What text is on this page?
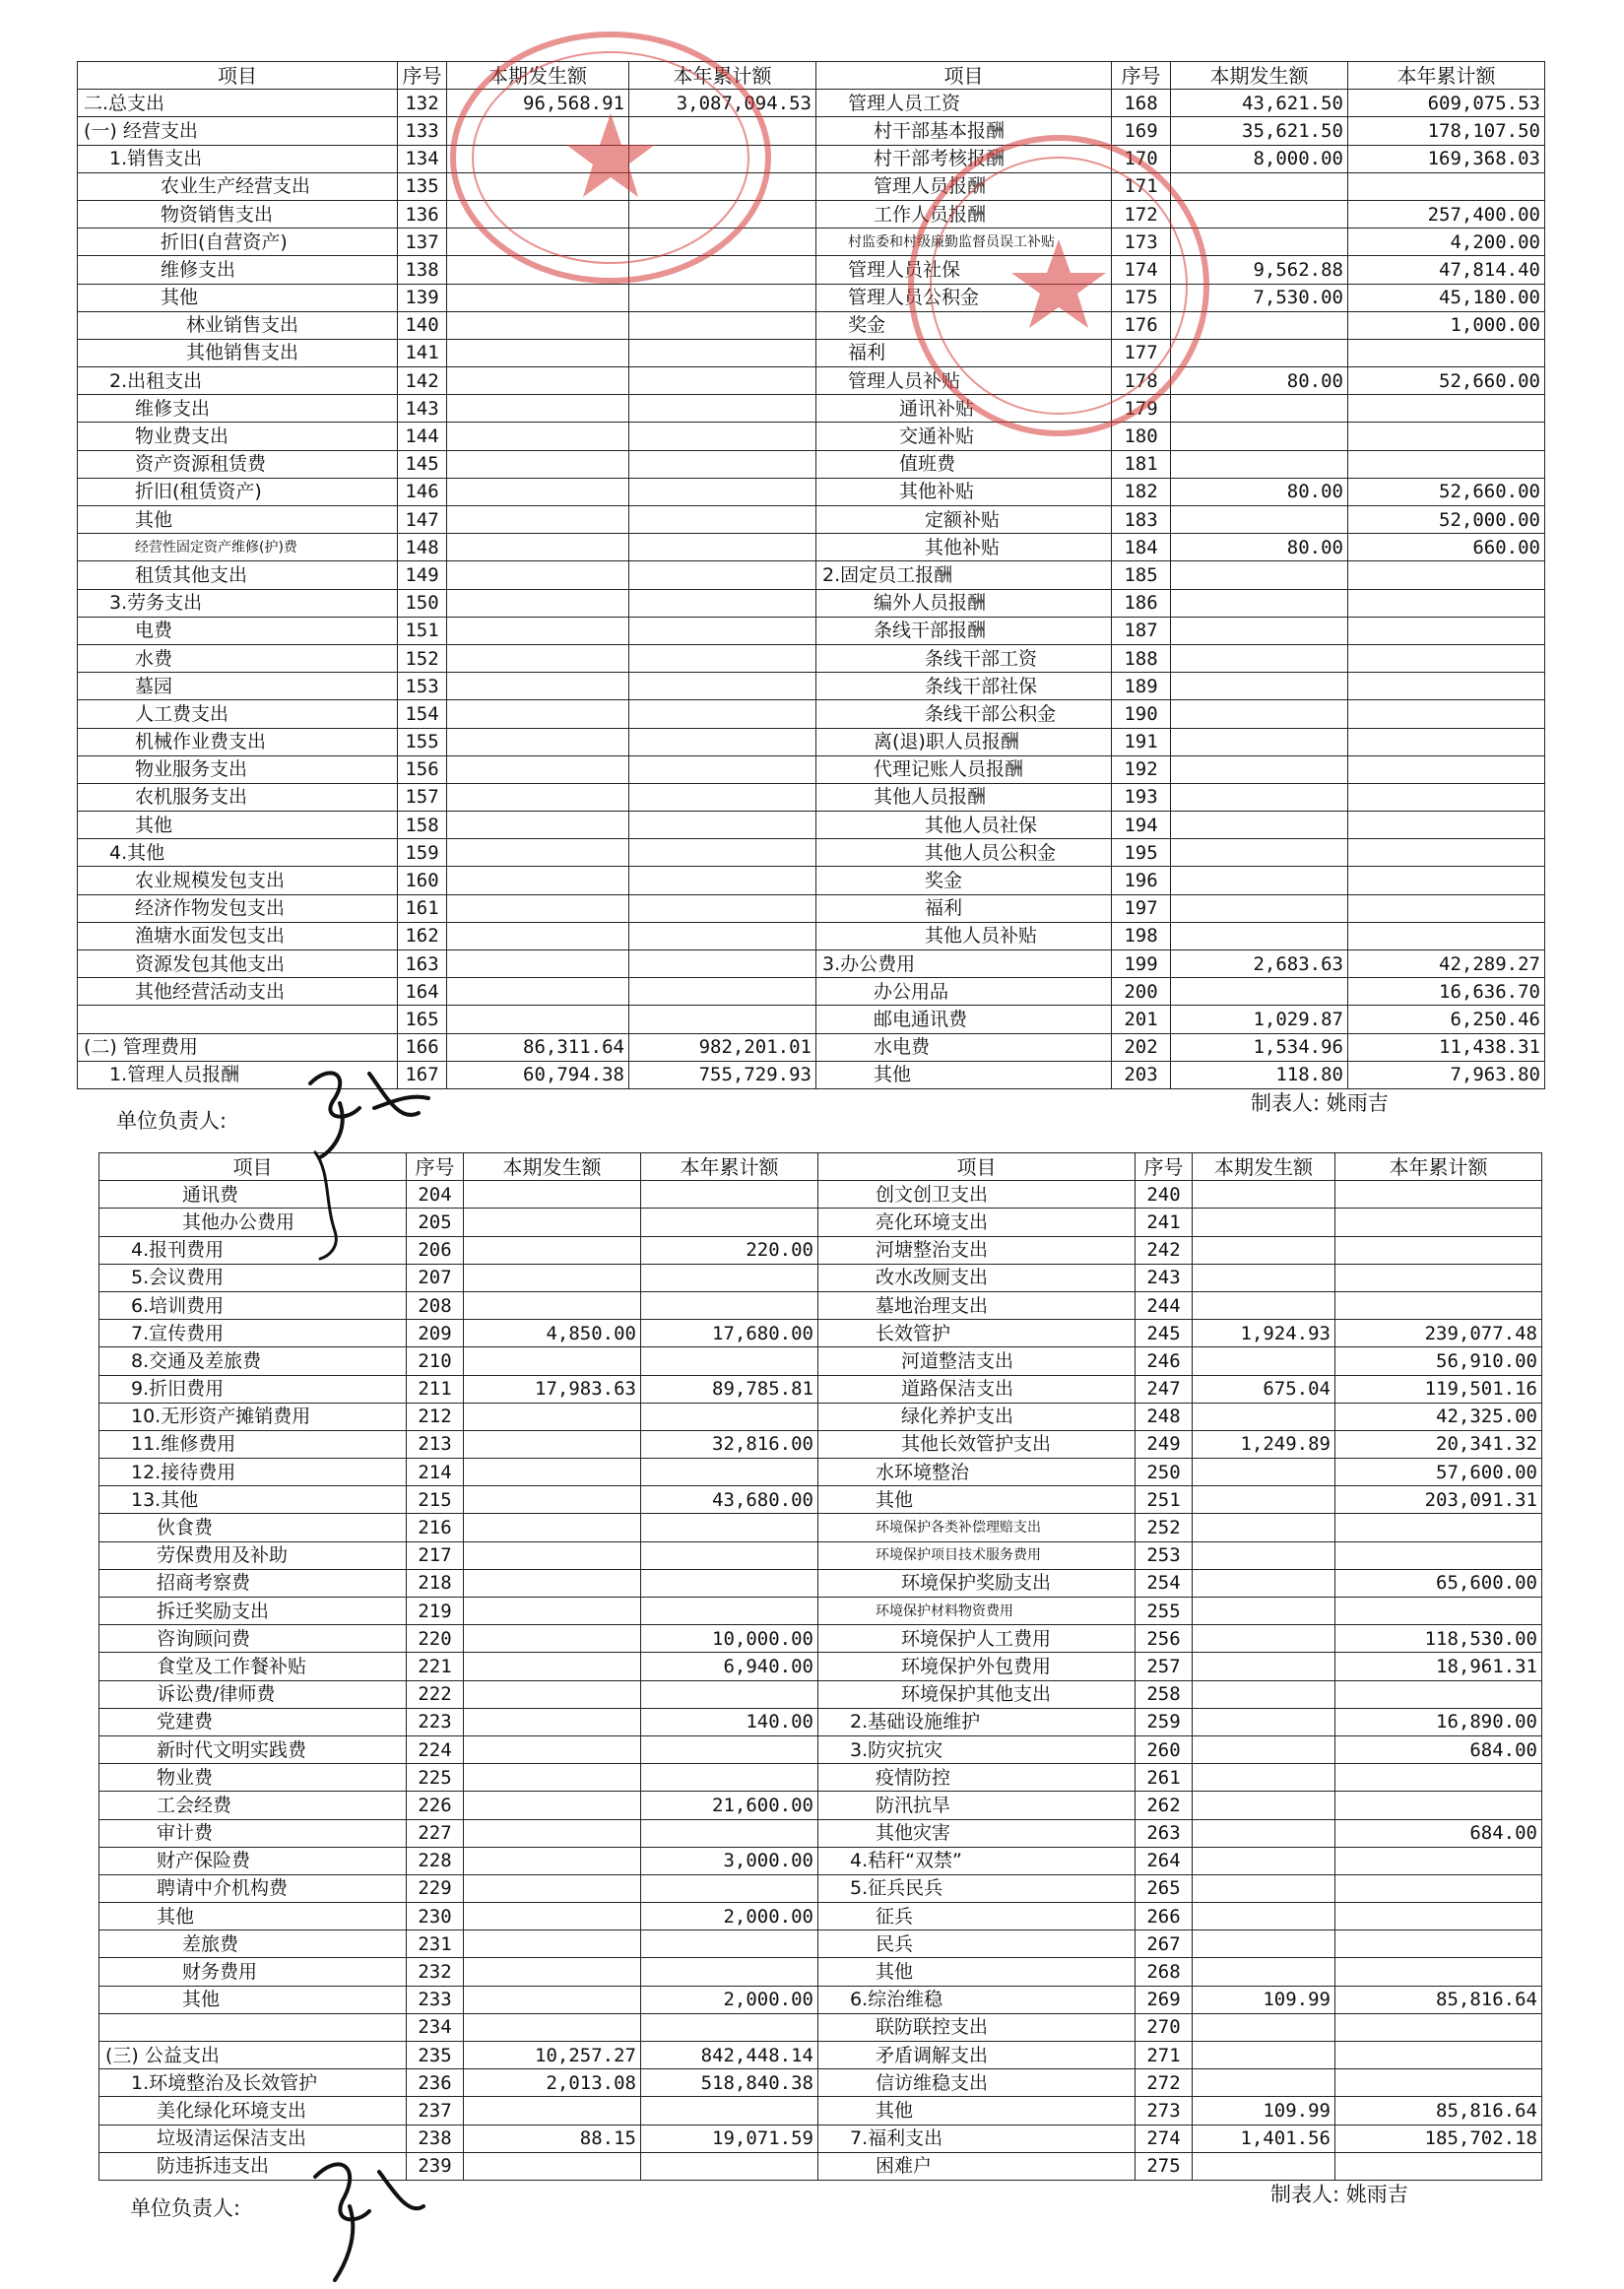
项目	序号	本期发生额	本年累计额	项目	序号	本期发生额	本年累计额
二.总支出	132	96,568.91	3,087,094.53	管理人员工资	168	43,621.50	609,075.53
(一) 经营支出	133			村干部基本报酬	169	35,621.50	178,107.50
1.销售支出	134			村干部考核报酬	170	8,000.00	169,368.03
农业生产经营支出	135			管理人员报酬	171		
物资销售支出	136			工作人员报酬	172		257,400.00
折旧(自营资产)	137			村监委和村级廉勤监督员误工补贴	173		4,200.00
维修支出	138			管理人员社保	174	9,562.88	47,814.40
其他	139			管理人员公积金	175	7,530.00	45,180.00
林业销售支出	140			奖金	176		1,000.00
其他销售支出	141			福利	177		
2.出租支出	142			管理人员补贴	178	80.00	52,660.00
维修支出	143			通讯补贴	179		
物业费支出	144			交通补贴	180		
资产资源租赁费	145			值班费	181		
折旧(租赁资产)	146			其他补贴	182	80.00	52,660.00
其他	147			定额补贴	183		52,000.00
经营性固定资产维修(护)费	148			其他补贴	184	80.00	660.00
租赁其他支出	149			2.固定员工报酬	185		
3.劳务支出	150			编外人员报酬	186		
电费	151			条线干部报酬	187		
水费	152			条线干部工资	188		
墓园	153			条线干部社保	189		
人工费支出	154			条线干部公积金	190		
机械作业费支出	155			离(退)职人员报酬	191		
物业服务支出	156			代理记账人员报酬	192		
农机服务支出	157			其他人员报酬	193		
其他	158			其他人员社保	194		
4.其他	159			其他人员公积金	195		
农业规模发包支出	160			奖金	196		
经济作物发包支出	161			福利	197		
渔塘水面发包支出	162			其他人员补贴	198		
资源发包其他支出	163			3.办公费用	199	2,683.63	42,289.27
其他经营活动支出	164			办公用品	200		16,636.70
	165			邮电通讯费	201	1,029.87	6,250.46
(二) 管理费用	166	86,311.64	982,201.01	水电费	202	1,534.96	11,438.31
1.管理人员报酬	167	60,794.38	755,729.93	其他	203	118.80	7,963.80
单位负责人:
制表人: 姚雨吉
项目	序号	本期发生额	本年累计额	项目	序号	本期发生额	本年累计额
通讯费	204			创文创卫支出	240		
其他办公费用	205			亮化环境支出	241		
4.报刊费用	206		220.00	河塘整治支出	242		
5.会议费用	207			改水改厕支出	243		
6.培训费用	208			墓地治理支出	244		
7.宣传费用	209	4,850.00	17,680.00	长效管护	245	1,924.93	239,077.48
8.交通及差旅费	210			河道整洁支出	246		56,910.00
9.折旧费用	211	17,983.63	89,785.81	道路保洁支出	247	675.04	119,501.16
10.无形资产摊销费用	212			绿化养护支出	248		42,325.00
11.维修费用	213		32,816.00	其他长效管护支出	249	1,249.89	20,341.32
12.接待费用	214			水环境整治	250		57,600.00
13.其他	215		43,680.00	其他	251		203,091.31
伙食费	216			环境保护各类补偿理赔支出	252		
劳保费用及补助	217			环境保护项目技术服务费用	253		
招商考察费	218			环境保护奖励支出	254		65,600.00
拆迁奖励支出	219			环境保护材料物资费用	255		
咨询顾问费	220		10,000.00	环境保护人工费用	256		118,530.00
食堂及工作餐补贴	221		6,940.00	环境保护外包费用	257		18,961.31
诉讼费/律师费	222			环境保护其他支出	258		
党建费	223		140.00	2.基础设施维护	259		16,890.00
新时代文明实践费	224			3.防灾抗灾	260		684.00
物业费	225			疫情防控	261		
工会经费	226		21,600.00	防汛抗旱	262		
审计费	227			其他灾害	263		684.00
财产保险费	228		3,000.00	4.秸秆“双禁”	264		
聘请中介机构费	229			5.征兵民兵	265		
其他	230		2,000.00	征兵	266		
差旅费	231			民兵	267		
财务费用	232			其他	268		
其他	233		2,000.00	6.综治维稳	269	109.99	85,816.64
	234			联防联控支出	270		
(三) 公益支出	235	10,257.27	842,448.14	矛盾调解支出	271		
1.环境整治及长效管护	236	2,013.08	518,840.38	信访维稳支出	272		
美化绿化环境支出	237			其他	273	109.99	85,816.64
垃圾清运保洁支出	238	88.15	19,071.59	7.福利支出	274	1,401.56	185,702.18
防违拆违支出	239			困难户	275		
单位负责人:
制表人: 姚雨吉
